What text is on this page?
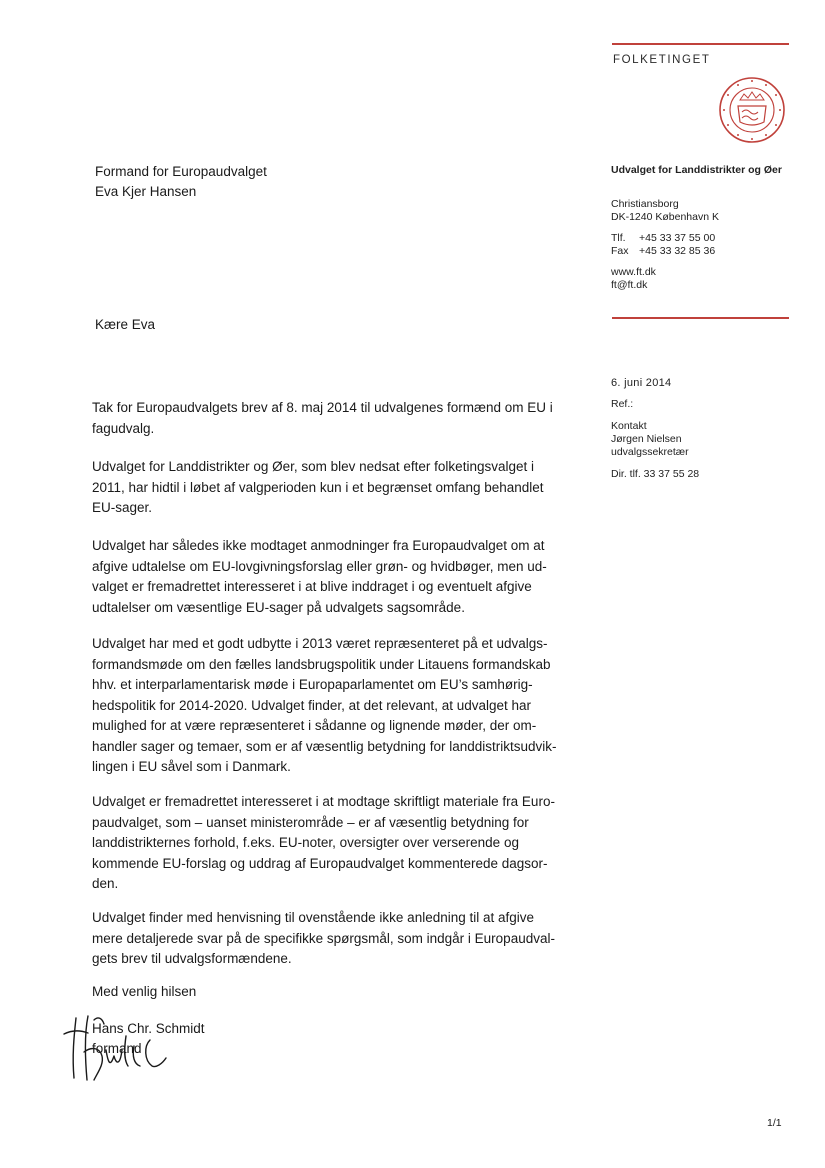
FOLKETINGET
Formand for Europaudvalget
Eva Kjer Hansen
Udvalget for Landdistrikter og Øer
Christiansborg
DK-1240 København K
Tlf. +45 33 37 55 00
Fax +45 33 32 85 36
www.ft.dk
ft@ft.dk
6. juni 2014
Ref.:
Kontakt
Jørgen Nielsen
udvalgssekretær
Dir. tlf. 33 37 55 28
Kære Eva
Tak for Europaudvalgets brev af 8. maj 2014 til udvalgenes formænd om EU i
fagudvalg.
Udvalget for Landdistrikter og Øer, som blev nedsat efter folketingsvalget i
2011, har hidtil i løbet af valgperioden kun i et begrænset omfang behandlet
EU-sager.
Udvalget har således ikke modtaget anmodninger fra Europaudvalget om at
afgive udtalelse om EU-lovgivningsforslag eller grøn- og hvidbøger, men ud-
valget er fremadrettet interesseret i at blive inddraget i og eventuelt afgive
udtalelser om væsentlige EU-sager på udvalgets sagsområde.
Udvalget har med et godt udbytte i 2013 været repræsenteret på et udvalgs-
formandsmøde om den fælles landsbrugspolitik under Litauens formandskab
hhv. et interparlamentarisk møde i Europaparlamentet om EU’s samhørig-
hedspolitik for 2014-2020. Udvalget finder, at det relevant, at udvalget har
mulighed for at være repræsenteret i sådanne og lignende møder, der om-
handler sager og temaer, som er af væsentlig betydning for landdistriktsudvik-
lingen i EU såvel som i Danmark.
Udvalget er fremadrettet interesseret i at modtage skriftligt materiale fra Euro-
paudvalget, som – uanset ministerområde – er af væsentlig betydning for
landdistrikternes forhold, f.eks. EU-noter, oversigter over verserende og
kommende EU-forslag og uddrag af Europaudvalget kommenterede dagsor-
den.
Udvalget finder med henvisning til ovenstående ikke anledning til at afgive
mere detaljerede svar på de specifikke spørgsmål, som indgår i Europaudval-
gets brev til udvalgsformændene.
Med venlig hilsen
Hans Chr. Schmidt
formand
1/1
